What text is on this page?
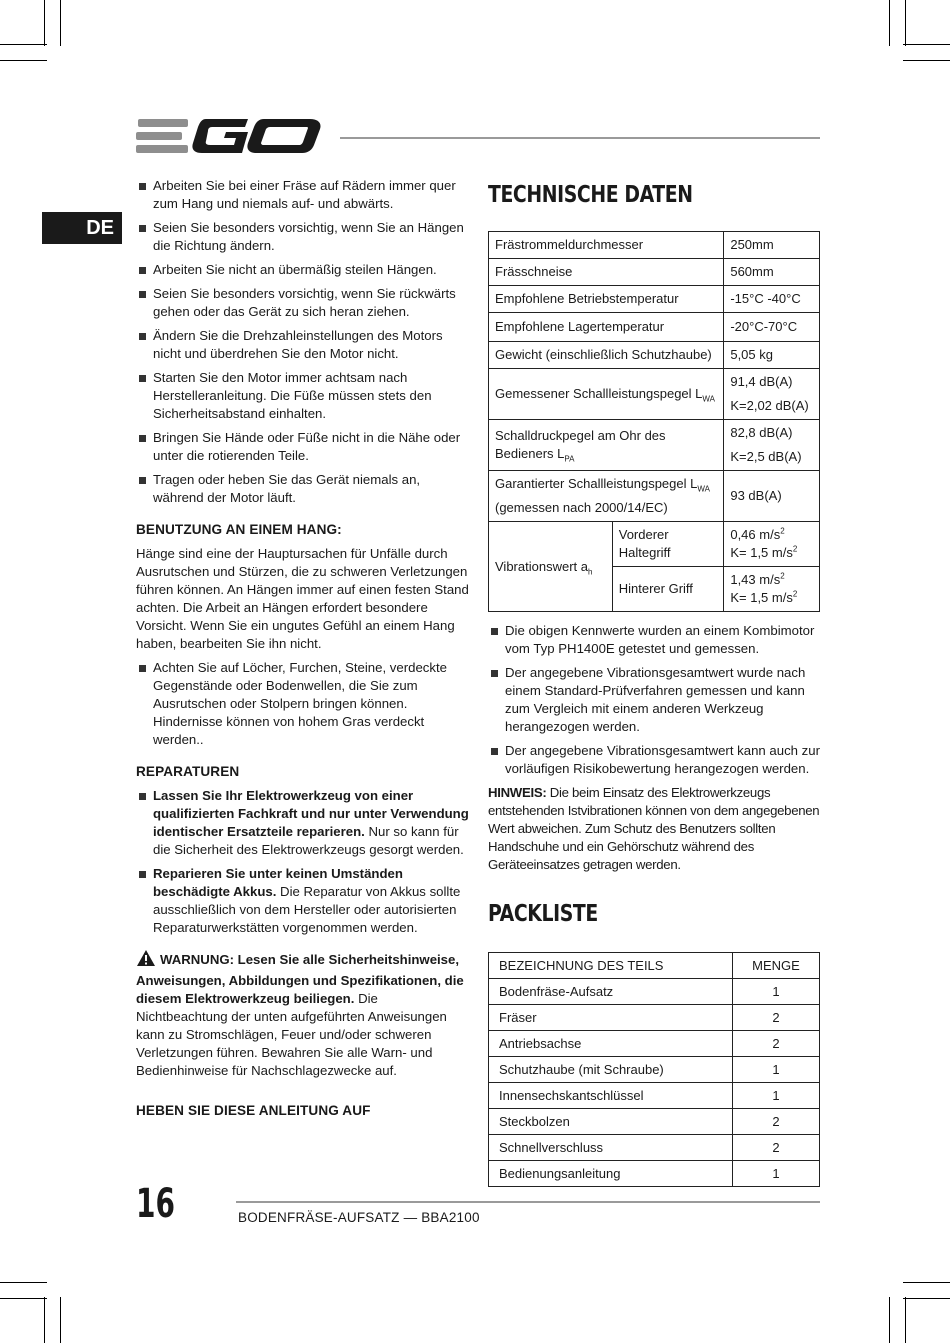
DE
Arbeiten Sie bei einer Fräse auf Rädern immer quer zum Hang und niemals auf- und abwärts.
Seien Sie besonders vorsichtig, wenn Sie an Hängen die Richtung ändern.
Arbeiten Sie nicht an übermäßig steilen Hängen.
Seien Sie besonders vorsichtig, wenn Sie rückwärts gehen oder das Gerät zu sich heran ziehen.
Ändern Sie die Drehzahleinstellungen des Motors nicht und überdrehen Sie den Motor nicht.
Starten Sie den Motor immer achtsam nach Herstelleranleitung. Die Füße müssen stets den Sicherheitsabstand einhalten.
Bringen Sie Hände oder Füße nicht in die Nähe oder unter die rotierenden Teile.
Tragen oder heben Sie das Gerät niemals an, während der Motor läuft.
BENUTZUNG AN EINEM HANG:

Hänge sind eine der Hauptursachen für Unfälle durch Ausrutschen und Stürzen, die zu schweren Verletzungen führen können. An Hängen immer auf einen festen Stand achten. Die Arbeit an Hängen erfordert besondere Vorsicht. Wenn Sie ein ungutes Gefühl an einem Hang haben, bearbeiten Sie ihn nicht.

Achten Sie auf Löcher, Furchen, Steine, verdeckte Gegenstände oder Bodenwellen, die Sie zum Ausrutschen oder Stolpern bringen können. Hindernisse können von hohem Gras verdeckt werden..
REPARATUREN
Lassen Sie Ihr Elektrowerkzeug von einer qualifizierten Fachkraft und nur unter Verwendung identischer Ersatzteile reparieren. Nur so kann für die Sicherheit des Elektrowerkzeugs gesorgt werden.
Reparieren Sie unter keinen Umständen beschädigte Akkus. Die Reparatur von Akkus sollte ausschließlich von dem Hersteller oder autorisierten Reparaturwerkstätten vorgenommen werden.

WARNUNG: Lesen Sie alle Sicherheitshinweise, Anweisungen, Abbildungen und Spezifikationen, die diesem Elektrowerkzeug beiliegen. Die Nichtbeachtung der unten aufgeführten Anweisungen kann zu Stromschlägen, Feuer und/oder schweren Verletzungen führen. Bewahren Sie alle Warn- und Bedienhinweise für Nachschlagezwecke auf.

HEBEN SIE DIESE ANLEITUNG AUF
TECHNISCHE DATEN
Frästrommeldurchmesser		250mm
Frässchneise		560mm
Empfohlene Betriebstemperatur		-15°C -40°C
Empfohlene Lagertemperatur		-20°C-70°C
Gewicht (einschließlich Schutzhaube)		5,05 kg
Gemessener Schallleistungspegel $L_{WA}$		91,4 dB(A)
K=2,02 dB(A)

Schalldruckpegel am Ohr des Bedieners $L_{PA}$		82,8 dB(A)
K=2,5 dB(A)

Garantierter Schallleistungspegel $L_{WA}$
(gemessen nach 2000/14/EC)		93 dB(A)
Vibrationswert $a_h$	Vorderer Haltegriff	0,46 $m/s^2$
K= 1,5 $m/s^2$

	Hinterer Griff	1,43 $m/s^2$
K= 1,5 $m/s^2$
Die obigen Kennwerte wurden an einem Kombimotor vom Typ PH1400E getestet und gemessen.
Der angegebene Vibrationsgesamtwert wurde nach einem Standard-Prüfverfahren gemessen und kann zum Vergleich mit einem anderen Werkzeug herangezogen werden.
Der angegebene Vibrationsgesamtwert kann auch zur vorläufigen Risikobewertung herangezogen werden.

HINWEIS: Die beim Einsatz des Elektrowerkzeugs entstehenden Istvibrationen können von dem angegebenen Wert abweichen. Zum Schutz des Benutzers sollten Handschuhe und ein Gehörschutz während des Geräteeinsatzes getragen werden.

PACKLISTE
BEZEICHNUNG DES TEILS	MENGE
Bodenfräse-Aufsatz	1
Fräser	2
Antriebsachse	2
Schutzhaube (mit Schraube)	1
Innensechskantschlüssel	1
Steckbolzen	2
Schnellverschluss	2
Bedienungsanleitung	1
16	BODENFRÄSE-AUFSATZ — BBA2100
